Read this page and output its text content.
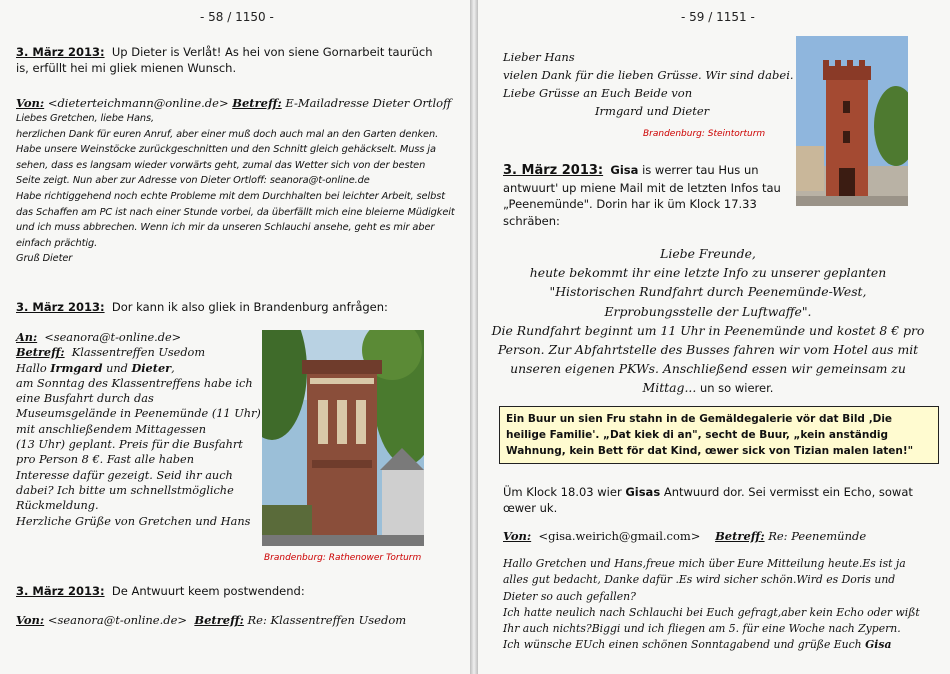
- 58 / 1150 -
3. März 2013: Up Dieter is Verlåt! As hei von siene Gornarbeit taurüch
is, erfüllt hei mi gliek mienen Wunsch.
Von: <dieterteichmann@online.de> Betreff: E-Mailadresse Dieter Ortloff
Liebes Gretchen, liebe Hans,
herzlichen Dank für euren Anruf, aber einer muß doch auch mal an den Garten denken.
Habe unsere Weinstöcke zurückgeschnitten und den Schnitt gleich gehäckselt. Muss ja
sehen, dass es langsam wieder vorwärts geht, zumal das Wetter sich von der besten
Seite zeigt. Nun aber zur Adresse von Dieter Ortloff: seanora@t-online.de
Habe richtiggehend noch echte Probleme mit dem Durchhalten bei leichter Arbeit, selbst
das Schaffen am PC ist nach einer Stunde vorbei, da überfällt mich eine bleierne Müdigkeit
und ich muss abbrechen. Wenn ich mir da unseren Schlauchi ansehe, geht es mir aber
einfach prächtig.
Gruß Dieter
3. März 2013: Dor kann ik also gliek in Brandenburg anfrågen:
An: <seanora@t-online.de>
Betreff: Klassentreffen Usedom
Hallo Irmgard und Dieter,
am Sonntag des Klassentreffens habe ich
eine Busfahrt durch das
Museumsgelände in Peenemünde (11 Uhr)
mit anschließendem Mittagessen
(13 Uhr) geplant. Preis für die Busfahrt
pro Person 8 €. Fast alle haben
Interesse dafür gezeigt. Seid ihr auch
dabei? Ich bitte um schnellstmögliche
Rückmeldung.
Herzliche Grüße von Gretchen und Hans
Brandenburg: Rathenower Torturm
3. März 2013: De Antwuurt keem postwendend:
Von: <seanora@t-online.de> Betreff: Re: Klassentreffen Usedom
- 59 / 1151 -
Lieber Hans
vielen Dank für die lieben Grüsse. Wir sind dabei.
Liebe Grüsse an Euch Beide von
Irmgard und Dieter
Brandenburg: Steintorturm
3. März 2013: Gisa is werrer tau Hus un
antwuurt' up miene Mail mit de letzten Infos tau
„Peenemünde". Dorin har ik üm Klock 17.33
schräben:
Liebe Freunde,
heute bekommt ihr eine letzte Info zu unserer geplanten
"Historischen Rundfahrt durch Peenemünde-West,
Erprobungsstelle der Luftwaffe".
Die Rundfahrt beginnt um 11 Uhr in Peenemünde und kostet 8 € pro
Person. Zur Abfahrtstelle des Busses fahren wir vom Hotel aus mit
unseren eigenen PKWs. Anschließend essen wir gemeinsam zu
Mittag... un so wierer.
Ein Buur un sien Fru stahn in de Gemäldegalerie vör dat Bild ‚Die
heilige Familie'. „Dat kiek di an", secht de Buur, „kein anständig
Wahnung, kein Bett för dat Kind, œwer sick von Tizian malen laten!"
Üm Klock 18.03 wier Gisas Antwuurd dor. Sei vermisst ein Echo, sowat
œwer uk.
Von: <gisa.weirich@gmail.com> Betreff: Re: Peenemünde
Hallo Gretchen und Hans,freue mich über Eure Mitteilung heute.Es ist ja
alles gut bedacht, Danke dafür .Es wird sicher schön.Wird es Doris und
Dieter so auch gefallen?
Ich hatte neulich nach Schlauchi bei Euch gefragt,aber kein Echo oder wißt
Ihr auch nichts?Biggi und ich fliegen am 5. für eine Woche nach Zypern.
Ich wünsche EUch einen schönen Sonntagabend und grüße Euch Gisa
